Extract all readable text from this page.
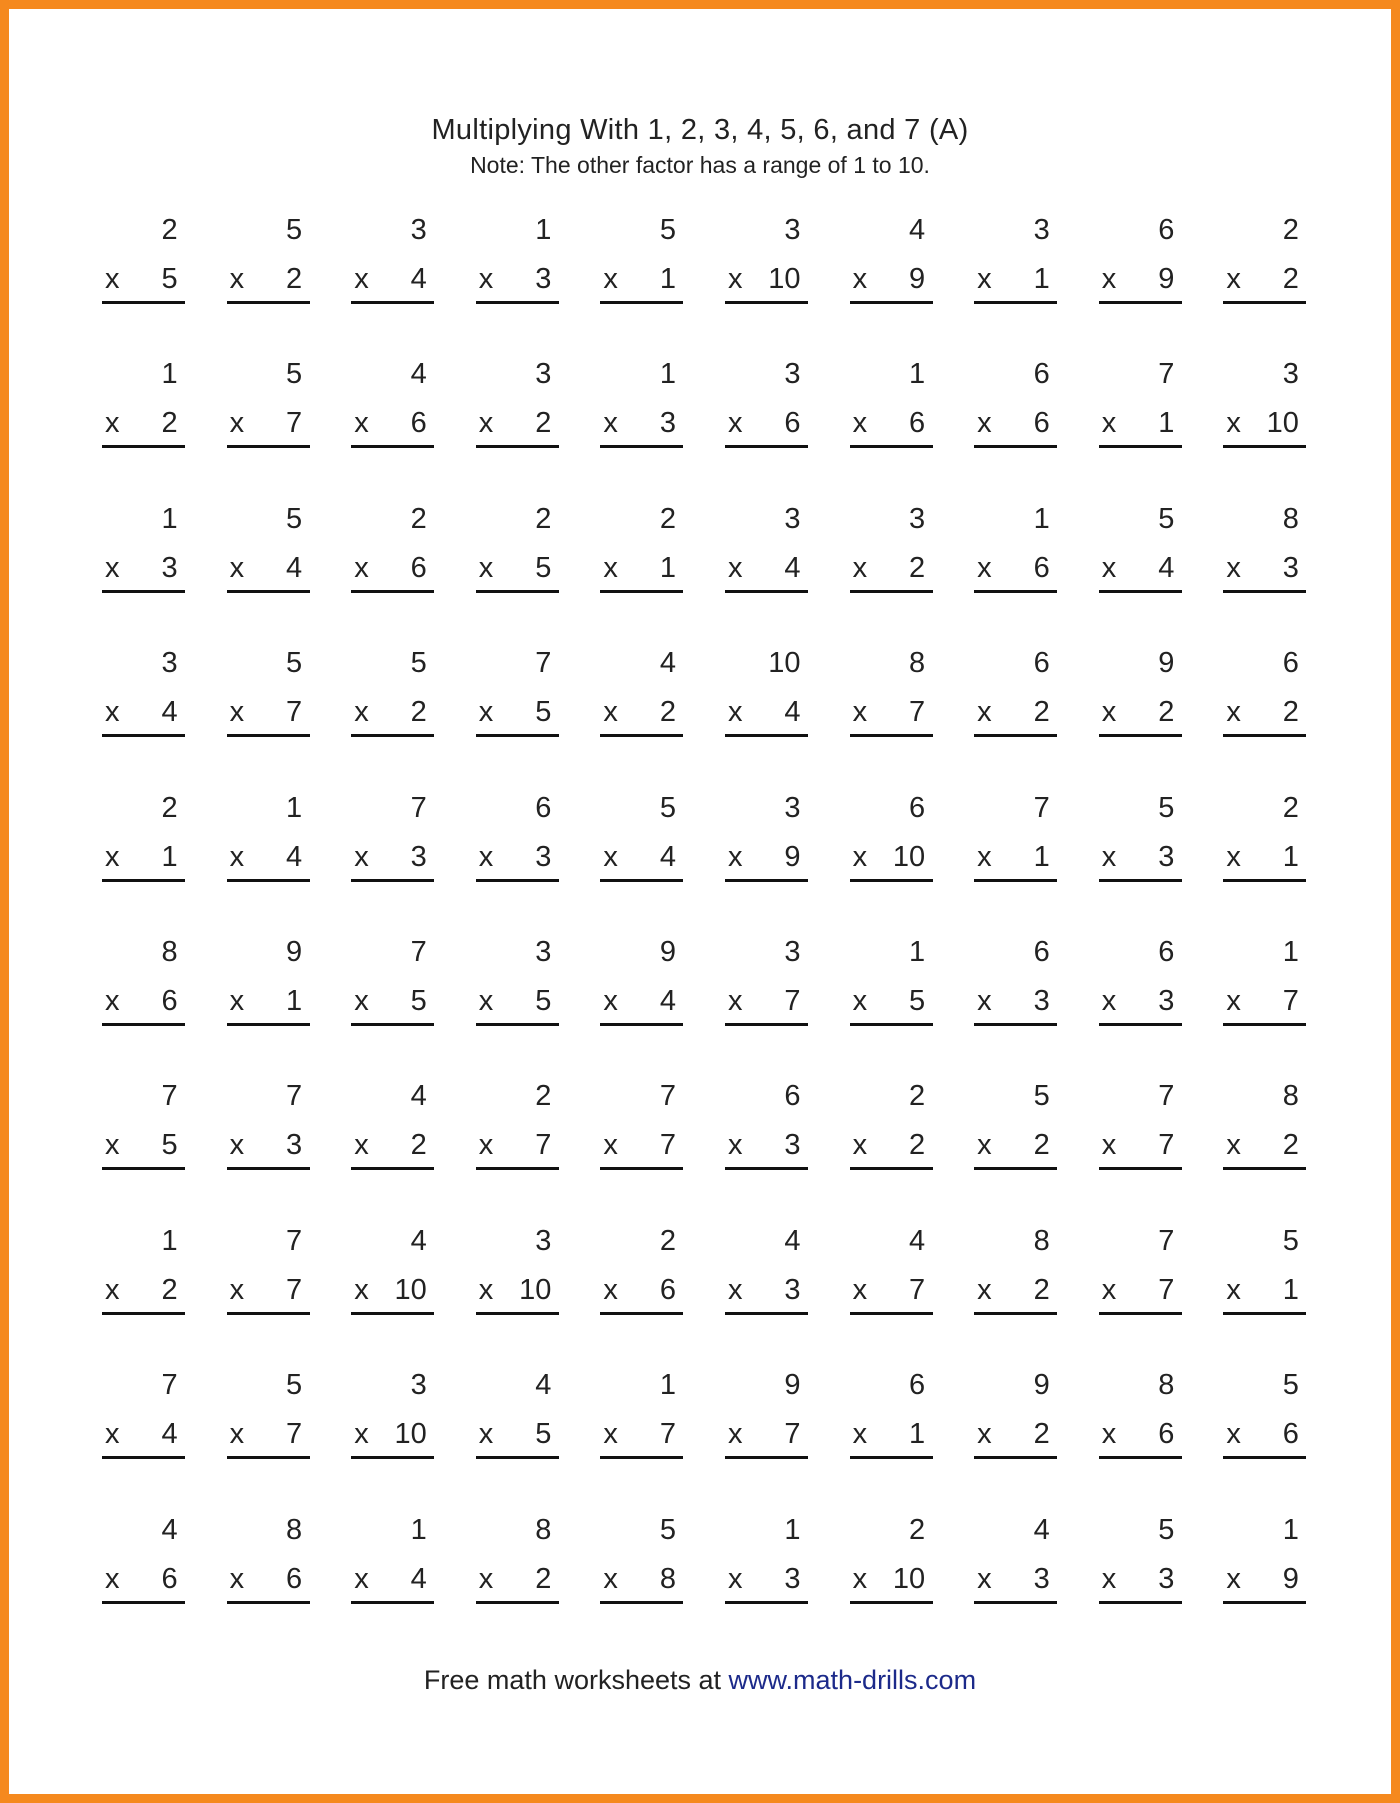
Multiplying With 1, 2, 3, 4, 5, 6, and 7 (A)
Note: The other factor has a range of 1 to 10.
2
x 5
5
x 2
3
x 4
1
x 3
5
x 1
3
x 10
4
x 9
3
x 1
6
x 9
2
x 2
1
x 2
5
x 7
4
x 6
3
x 2
1
x 3
3
x 6
1
x 6
6
x 6
7
x 1
3
x 10
1
x 3
5
x 4
2
x 6
2
x 5
2
x 1
3
x 4
3
x 2
1
x 6
5
x 4
8
x 3
3
x 4
5
x 7
5
x 2
7
x 5
4
x 2
10
x 4
8
x 7
6
x 2
9
x 2
6
x 2
2
x 1
1
x 4
7
x 3
6
x 3
5
x 4
3
x 9
6
x 10
7
x 1
5
x 3
2
x 1
8
x 6
9
x 1
7
x 5
3
x 5
9
x 4
3
x 7
1
x 5
6
x 3
6
x 3
1
x 7
7
x 5
7
x 3
4
x 2
2
x 7
7
x 7
6
x 3
2
x 2
5
x 2
7
x 7
8
x 2
1
x 2
7
x 7
4
x 10
3
x 10
2
x 6
4
x 3
4
x 7
8
x 2
7
x 7
5
x 1
7
x 4
5
x 7
3
x 10
4
x 5
1
x 7
9
x 7
6
x 1
9
x 2
8
x 6
5
x 6
4
x 6
8
x 6
1
x 4
8
x 2
5
x 8
1
x 3
2
x 10
4
x 3
5
x 3
1
x 9
Free math worksheets at www.math-drills.com
